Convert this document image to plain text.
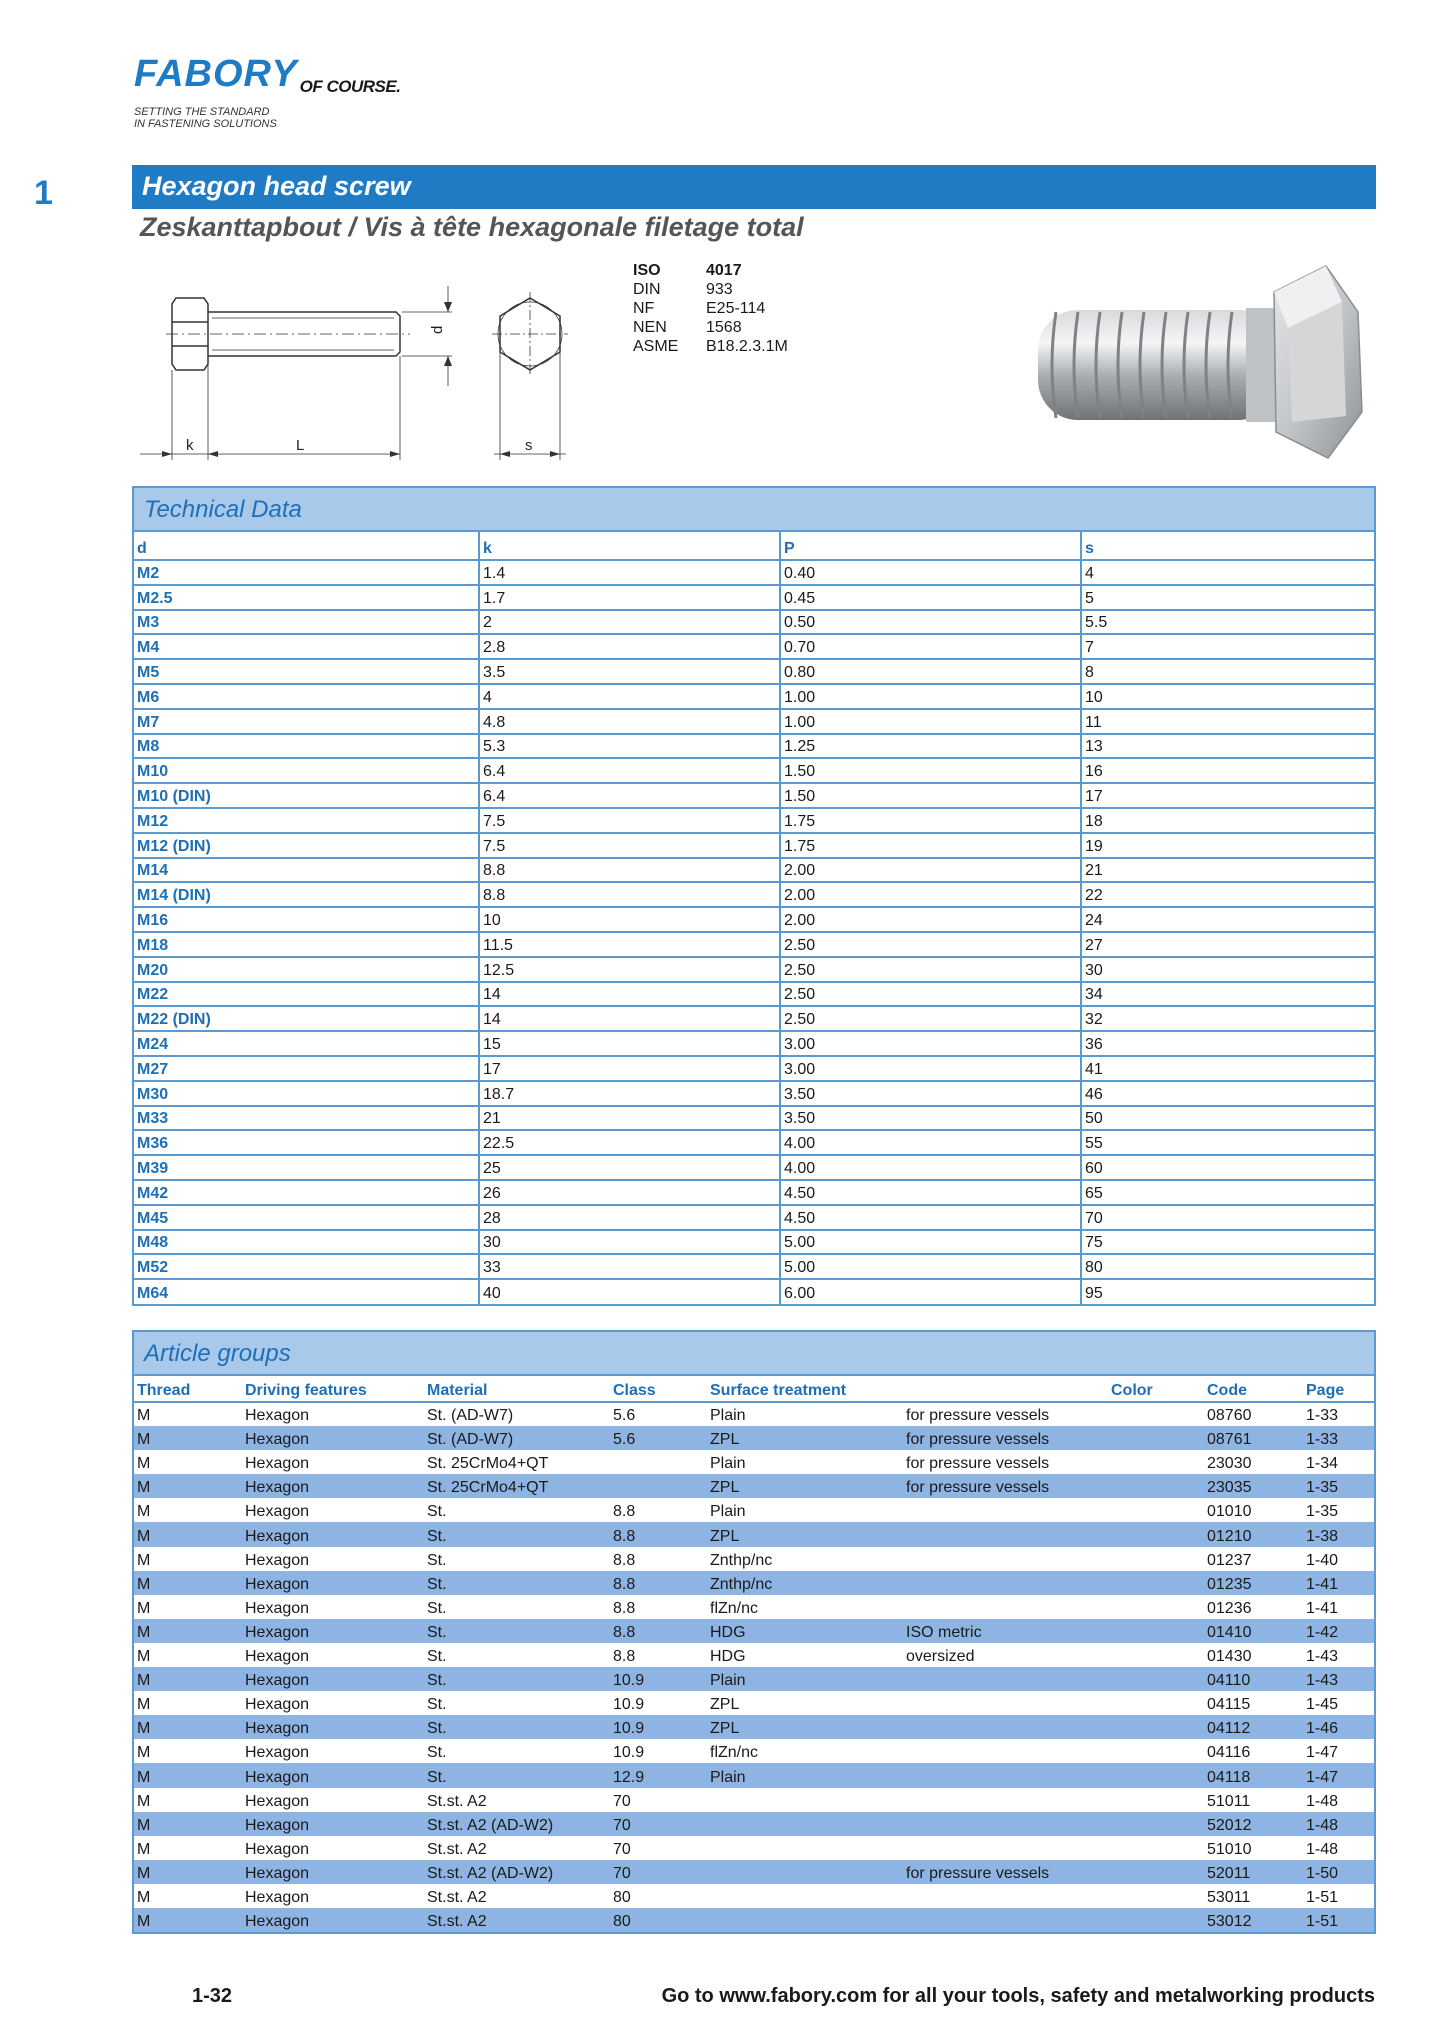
FABORY OF COURSE.
SETTING THE STANDARD
IN FASTENING SOLUTIONS
1	Hexagon head screw
Zeskanttapbout / Vis à tête hexagonale filetage total
d
k	L	s
ISO	4017
DIN	933
NF	E25-114
NEN	1568
ASME	B18.2.3.1M
Technical Data
d	k	P	s
M2	1.4	0.40	4
M2.5	1.7	0.45	5
M3	2	0.50	5.5
M4	2.8	0.70	7
M5	3.5	0.80	8
M6	4	1.00	10
M7	4.8	1.00	11
M8	5.3	1.25	13
M10	6.4	1.50	16
M10 (DIN)	6.4	1.50	17
M12	7.5	1.75	18
M12 (DIN)	7.5	1.75	19
M14	8.8	2.00	21
M14 (DIN)	8.8	2.00	22
M16	10	2.00	24
M18	11.5	2.50	27
M20	12.5	2.50	30
M22	14	2.50	34
M22 (DIN)	14	2.50	32
M24	15	3.00	36
M27	17	3.00	41
M30	18.7	3.50	46
M33	21	3.50	50
M36	22.5	4.00	55
M39	25	4.00	60
M42	26	4.50	65
M45	28	4.50	70
M48	30	5.00	75
M52	33	5.00	80
M64	40	6.00	95
Article groups
Thread	Driving features	Material	Class	Surface treatment		Color	Code	Page
M	Hexagon	St. (AD-W7)	5.6	Plain	for pressure vessels		08760	1-33
M	Hexagon	St. (AD-W7)	5.6	ZPL	for pressure vessels		08761	1-33
M	Hexagon	St. 25CrMo4+QT		Plain	for pressure vessels		23030	1-34
M	Hexagon	St. 25CrMo4+QT		ZPL	for pressure vessels		23035	1-35
M	Hexagon	St.	8.8	Plain			01010	1-35
M	Hexagon	St.	8.8	ZPL			01210	1-38
M	Hexagon	St.	8.8	Znthp/nc			01237	1-40
M	Hexagon	St.	8.8	Znthp/nc			01235	1-41
M	Hexagon	St.	8.8	flZn/nc			01236	1-41
M	Hexagon	St.	8.8	HDG	ISO metric		01410	1-42
M	Hexagon	St.	8.8	HDG	oversized		01430	1-43
M	Hexagon	St.	10.9	Plain			04110	1-43
M	Hexagon	St.	10.9	ZPL			04115	1-45
M	Hexagon	St.	10.9	ZPL			04112	1-46
M	Hexagon	St.	10.9	flZn/nc			04116	1-47
M	Hexagon	St.	12.9	Plain			04118	1-47
M	Hexagon	St.st. A2	70				51011	1-48
M	Hexagon	St.st. A2 (AD-W2)	70				52012	1-48
M	Hexagon	St.st. A2	70				51010	1-48
M	Hexagon	St.st. A2 (AD-W2)	70		for pressure vessels		52011	1-50
M	Hexagon	St.st. A2	80				53011	1-51
M	Hexagon	St.st. A2	80				53012	1-51
1-32	Go to www.fabory.com for all your tools, safety and metalworking products
